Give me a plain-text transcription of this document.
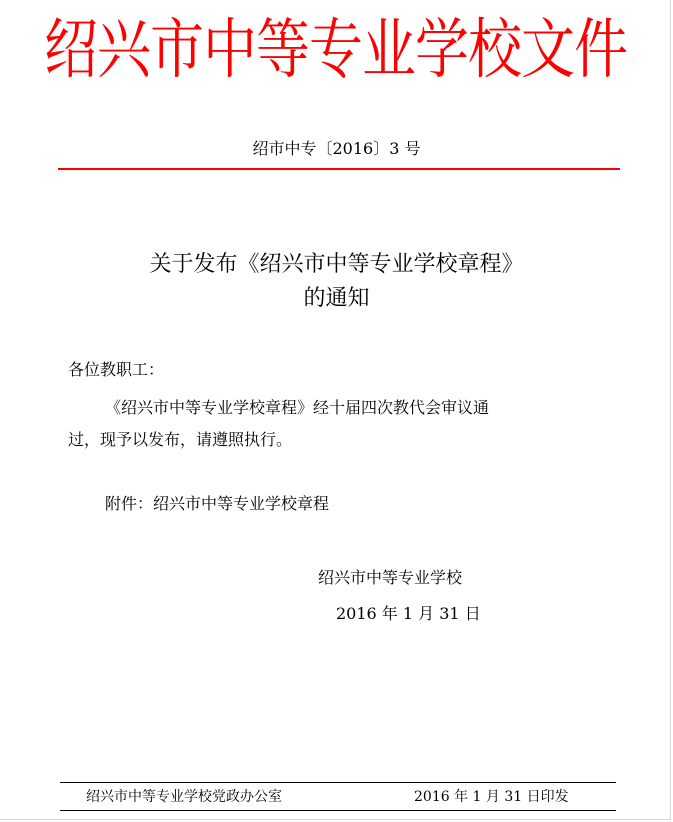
绍兴市中等专业学校文件
绍市中专〔2016〕3 号
关于发布《绍兴市中等专业学校章程》
的通知
各位教职工：
《绍兴市中等专业学校章程》经十届四次教代会审议通
过，现予以发布，请遵照执行。
附件：绍兴市中等专业学校章程
绍兴市中等专业学校
2016 年 1 月 31 日
绍兴市中等专业学校党政办公室	2016 年 1 月 31 日印发
